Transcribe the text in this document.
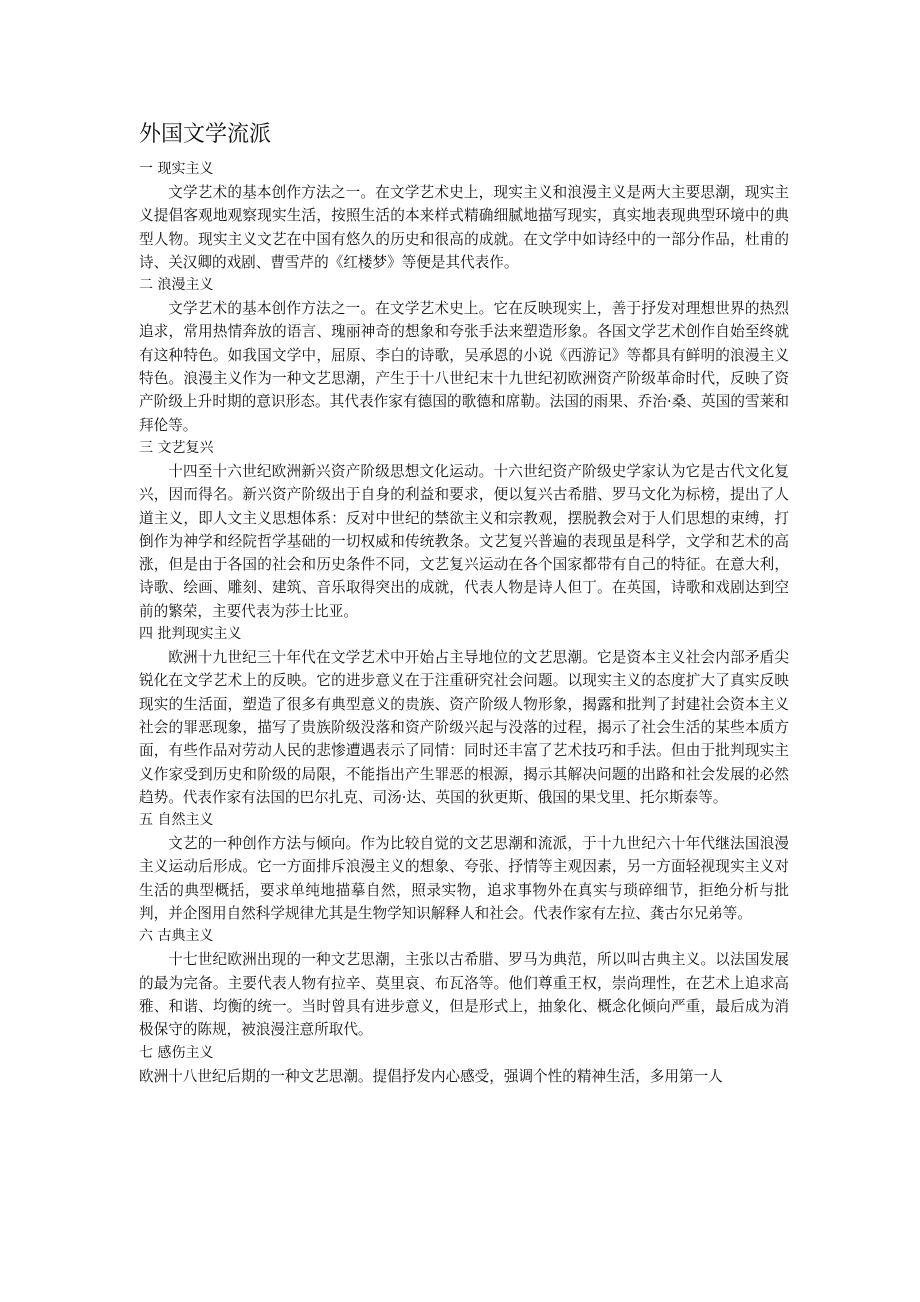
外国文学流派

一 现实主义

文学艺术的基本创作方法之一。在文学艺术史上，现实主义和浪漫主义是两大主要思潮，现实主义提倡客观地观察现实生活，按照生活的本来样式精确细腻地描写现实，真实地表现典型环境中的典型人物。现实主义文艺在中国有悠久的历史和很高的成就。在文学中如诗经中的一部分作品，杜甫的诗、关汉卿的戏剧、曹雪芹的《红楼梦》等便是其代表作。

二 浪漫主义

文学艺术的基本创作方法之一。在文学艺术史上。它在反映现实上，善于抒发对理想世界的热烈追求，常用热情奔放的语言、瑰丽神奇的想象和夸张手法来塑造形象。各国文学艺术创作自始至终就有这种特色。如我国文学中，屈原、李白的诗歌，吴承恩的小说《西游记》等都具有鲜明的浪漫主义特色。浪漫主义作为一种文艺思潮，产生于十八世纪末十九世纪初欧洲资产阶级革命时代，反映了资产阶级上升时期的意识形态。其代表作家有德国的歌德和席勒。法国的雨果、乔治·桑、英国的雪莱和拜伦等。

三 文艺复兴

十四至十六世纪欧洲新兴资产阶级思想文化运动。十六世纪资产阶级史学家认为它是古代文化复兴，因而得名。新兴资产阶级出于自身的利益和要求，便以复兴古希腊、罗马文化为标榜，提出了人道主义，即人文主义思想体系：反对中世纪的禁欲主义和宗教观，摆脱教会对于人们思想的束缚，打倒作为神学和经院哲学基础的一切权威和传统教条。文艺复兴普遍的表现虽是科学，文学和艺术的高涨，但是由于各国的社会和历史条件不同，文艺复兴运动在各个国家都带有自己的特征。在意大利，诗歌、绘画、雕刻、建筑、音乐取得突出的成就，代表人物是诗人但丁。在英国，诗歌和戏剧达到空前的繁荣，主要代表为莎士比亚。

四 批判现实主义

欧洲十九世纪三十年代在文学艺术中开始占主导地位的文艺思潮。它是资本主义社会内部矛盾尖锐化在文学艺术上的反映。它的进步意义在于注重研究社会问题。以现实主义的态度扩大了真实反映现实的生活面，塑造了很多有典型意义的贵族、资产阶级人物形象，揭露和批判了封建社会资本主义社会的罪恶现象，描写了贵族阶级没落和资产阶级兴起与没落的过程，揭示了社会生活的某些本质方面，有些作品对劳动人民的悲惨遭遇表示了同情：同时还丰富了艺术技巧和手法。但由于批判现实主义作家受到历史和阶级的局限，不能指出产生罪恶的根源，揭示其解决问题的出路和社会发展的必然趋势。代表作家有法国的巴尔扎克、司汤·达、英国的狄更斯、俄国的果戈里、托尔斯泰等。

五 自然主义

文艺的一种创作方法与倾向。作为比较自觉的文艺思潮和流派，于十九世纪六十年代继法国浪漫主义运动后形成。它一方面排斥浪漫主义的想象、夸张、抒情等主观因素，另一方面轻视现实主义对生活的典型概括，要求单纯地描摹自然，照录实物，追求事物外在真实与琐碎细节，拒绝分析与批判，并企图用自然科学规律尤其是生物学知识解释人和社会。代表作家有左拉、龚古尔兄弟等。

六 古典主义

十七世纪欧洲出现的一种文艺思潮，主张以古希腊、罗马为典范，所以叫古典主义。以法国发展的最为完备。主要代表人物有拉辛、莫里哀、布瓦洛等。他们尊重王权，崇尚理性，在艺术上追求高雅、和谐、均衡的统一。当时曾具有进步意义，但是形式上，抽象化、概念化倾向严重，最后成为消极保守的陈规，被浪漫注意所取代。

七 感伤主义

欧洲十八世纪后期的一种文艺思潮。提倡抒发内心感受，强调个性的精神生活，多用第一人
